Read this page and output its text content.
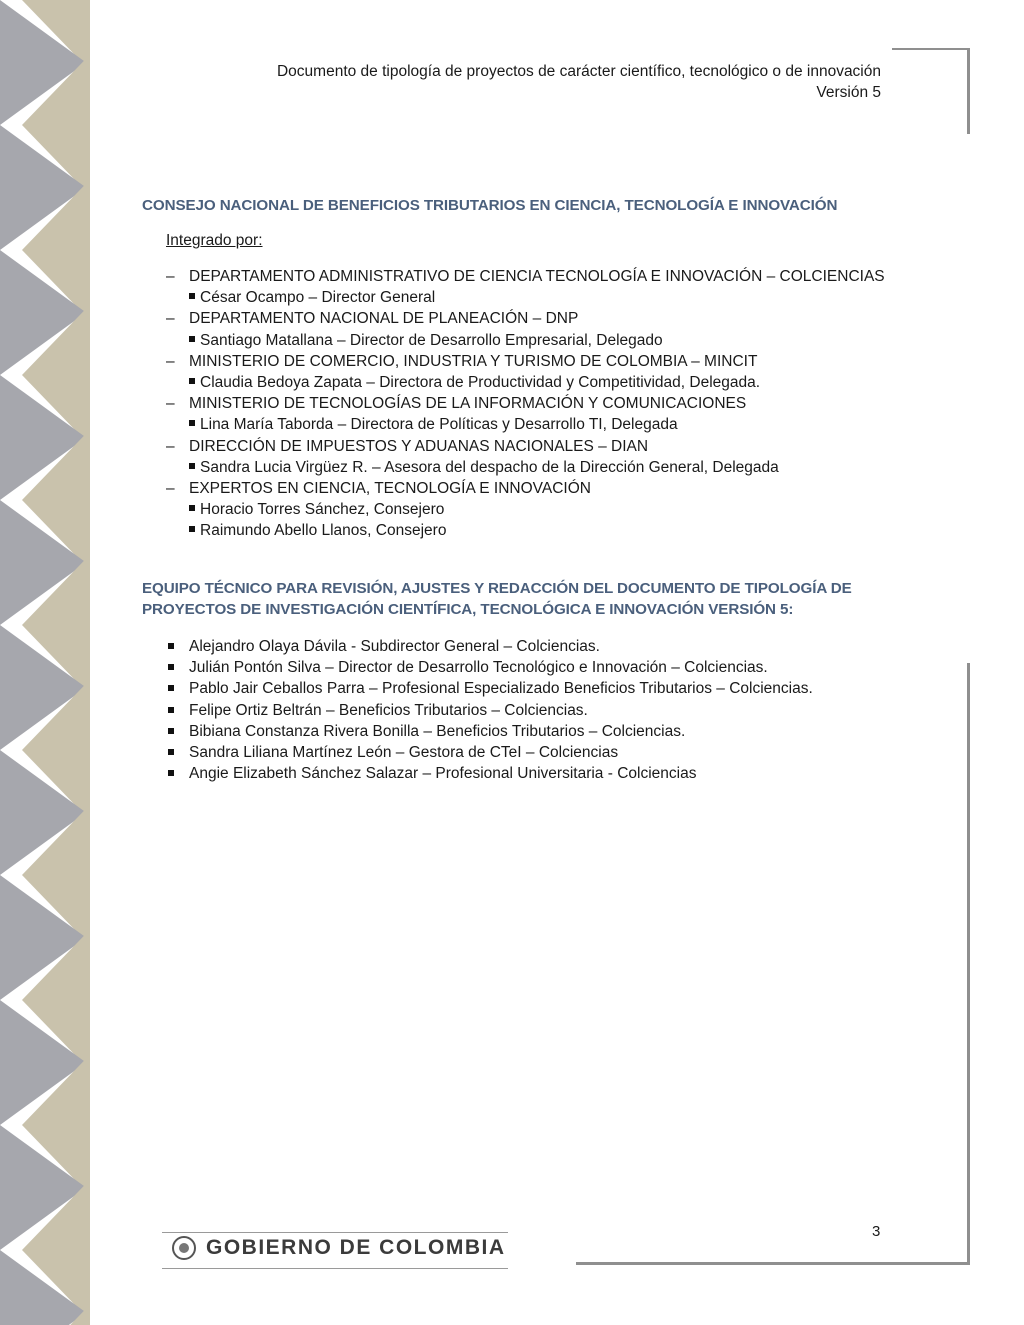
Documento de tipología de proyectos de carácter científico, tecnológico o de innovación
Versión 5
CONSEJO NACIONAL DE BENEFICIOS TRIBUTARIOS EN CIENCIA, TECNOLOGÍA E INNOVACIÓN
Integrado por:
– DEPARTAMENTO ADMINISTRATIVO DE CIENCIA TECNOLOGÍA E INNOVACIÓN – COLCIENCIAS
César Ocampo – Director General
– DEPARTAMENTO NACIONAL DE PLANEACIÓN – DNP
Santiago Matallana – Director de Desarrollo Empresarial, Delegado
– MINISTERIO DE COMERCIO, INDUSTRIA Y TURISMO DE COLOMBIA – MINCIT
Claudia Bedoya Zapata – Directora de Productividad y Competitividad, Delegada.
– MINISTERIO DE TECNOLOGÍAS DE LA INFORMACIÓN Y COMUNICACIONES
Lina María Taborda – Directora de Políticas y Desarrollo TI, Delegada
– DIRECCIÓN DE IMPUESTOS Y ADUANAS NACIONALES – DIAN
Sandra Lucia Virgüez R. – Asesora del despacho de la Dirección General, Delegada
– EXPERTOS EN CIENCIA, TECNOLOGÍA E INNOVACIÓN
Horacio Torres Sánchez, Consejero
Raimundo Abello Llanos, Consejero
EQUIPO TÉCNICO PARA REVISIÓN, AJUSTES Y REDACCIÓN DEL DOCUMENTO DE TIPOLOGÍA DE
PROYECTOS DE INVESTIGACIÓN CIENTÍFICA, TECNOLÓGICA E INNOVACIÓN VERSIÓN 5:
Alejandro Olaya Dávila - Subdirector General – Colciencias.
Julián Pontón Silva – Director de Desarrollo Tecnológico e Innovación – Colciencias.
Pablo Jair Ceballos Parra – Profesional Especializado Beneficios Tributarios – Colciencias.
Felipe Ortiz Beltrán – Beneficios Tributarios – Colciencias.
Bibiana Constanza Rivera Bonilla – Beneficios Tributarios – Colciencias.
Sandra Liliana Martínez León – Gestora de CTeI – Colciencias
Angie Elizabeth Sánchez Salazar – Profesional Universitaria - Colciencias
3
GOBIERNO DE COLOMBIA
